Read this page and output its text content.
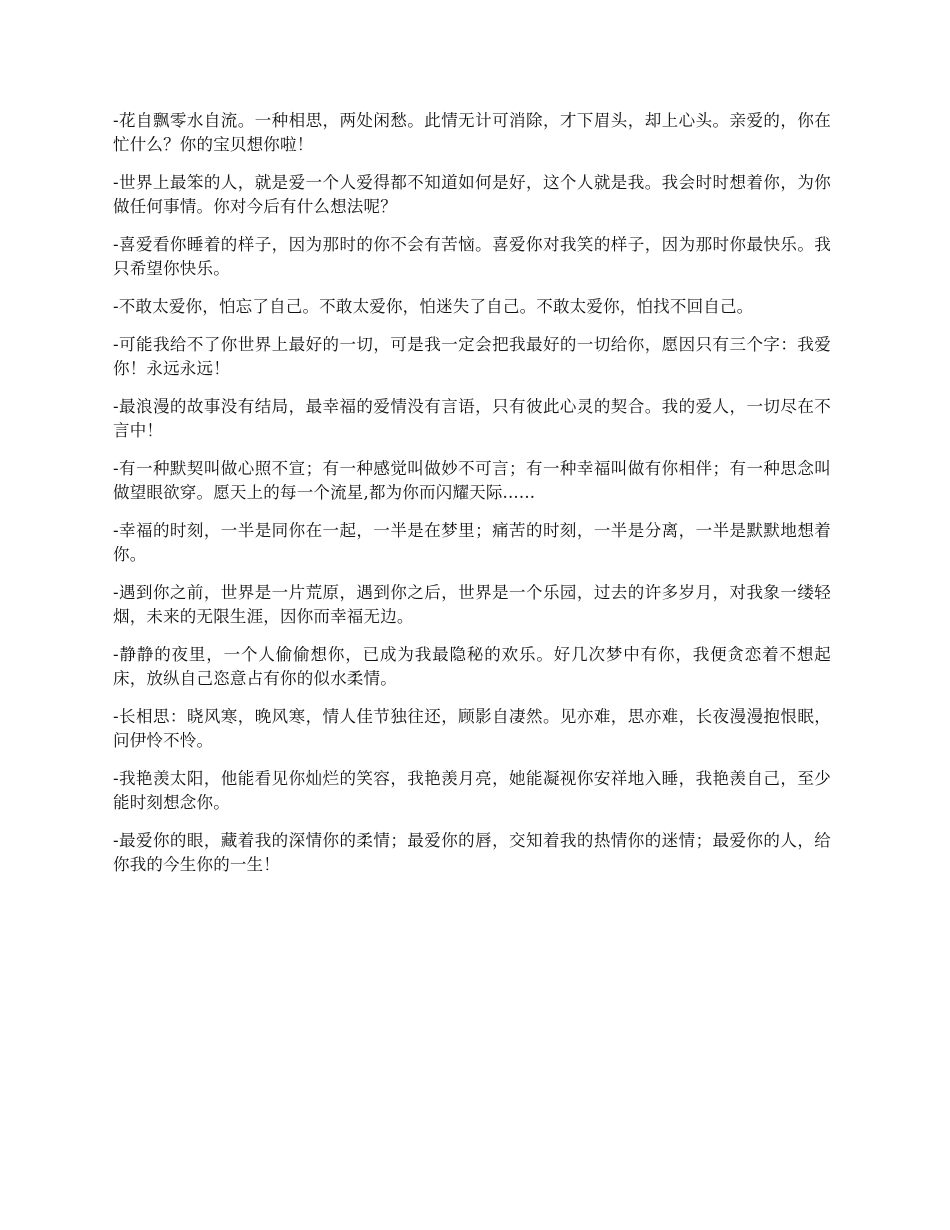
-花自飘零水自流。一种相思，两处闲愁。此情无计可消除，才下眉头，却上心头。亲爱的，你在忙什么？你的宝贝想你啦！

-世界上最笨的人，就是爱一个人爱得都不知道如何是好，这个人就是我。我会时时想着你，为你做任何事情。你对今后有什么想法呢？

-喜爱看你睡着的样子，因为那时的你不会有苦恼。喜爱你对我笑的样子，因为那时你最快乐。我只希望你快乐。

-不敢太爱你，怕忘了自己。不敢太爱你，怕迷失了自己。不敢太爱你，怕找不回自己。

-可能我给不了你世界上最好的一切，可是我一定会把我最好的一切给你，愿因只有三个字：我爱你！永远永远！

-最浪漫的故事没有结局，最幸福的爱情没有言语，只有彼此心灵的契合。我的爱人，一切尽在不言中！

-有一种默契叫做心照不宣；有一种感觉叫做妙不可言；有一种幸福叫做有你相伴；有一种思念叫做望眼欲穿。愿天上的每一个流星,都为你而闪耀天际......

-幸福的时刻，一半是同你在一起，一半是在梦里；痛苦的时刻，一半是分离，一半是默默地想着你。

-遇到你之前，世界是一片荒原，遇到你之后，世界是一个乐园，过去的许多岁月，对我象一缕轻烟，未来的无限生涯，因你而幸福无边。

-静静的夜里，一个人偷偷想你，已成为我最隐秘的欢乐。好几次梦中有你，我便贪恋着不想起床，放纵自己恣意占有你的似水柔情。

-长相思：晓风寒，晚风寒，情人佳节独往还，顾影自凄然。见亦难，思亦难，长夜漫漫抱恨眠，问伊怜不怜。

-我艳羡太阳，他能看见你灿烂的笑容，我艳羡月亮，她能凝视你安祥地入睡，我艳羡自己，至少能时刻想念你。

-最爱你的眼，藏着我的深情你的柔情；最爱你的唇，交知着我的热情你的迷情；最爱你的人，给你我的今生你的一生！
